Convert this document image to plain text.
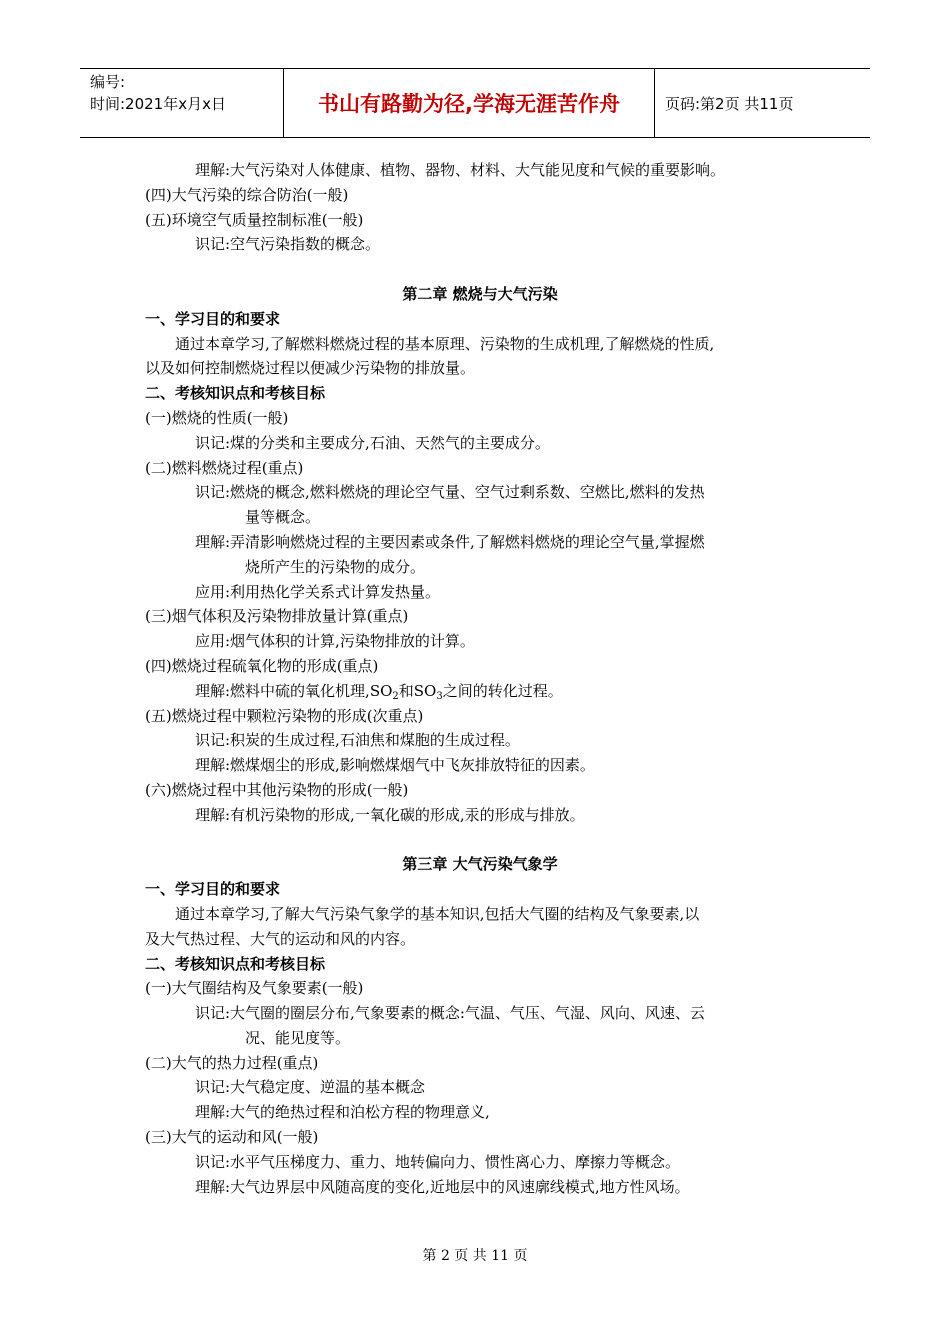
编号:
时间:2021年x月x日	书山有路勤为径,学海无涯苦作舟	页码:第2页 共11页
理解:大气污染对人体健康、植物、器物、材料、大气能见度和气候的重要影响。
(四)大气污染的综合防治(一般)
(五)环境空气质量控制标准(一般)
识记:空气污染指数的概念。
第二章 燃烧与大气污染
一、学习目的和要求
通过本章学习,了解燃料燃烧过程的基本原理、污染物的生成机理,了解燃烧的性质,
以及如何控制燃烧过程以便减少污染物的排放量。
二、考核知识点和考核目标
(一)燃烧的性质(一般)
识记:煤的分类和主要成分,石油、天然气的主要成分。
(二)燃料燃烧过程(重点)
识记:燃烧的概念,燃料燃烧的理论空气量、空气过剩系数、空燃比,燃料的发热
量等概念。
理解:弄清影响燃烧过程的主要因素或条件,了解燃料燃烧的理论空气量,掌握燃
烧所产生的污染物的成分。
应用:利用热化学关系式计算发热量。
(三)烟气体积及污染物排放量计算(重点)
应用:烟气体积的计算,污染物排放的计算。
(四)燃烧过程硫氧化物的形成(重点)
理解:燃料中硫的氧化机理$,SO_2$和$SO_3$之间的转化过程。
(五)燃烧过程中颗粒污染物的形成(次重点)
识记:积炭的生成过程,石油焦和煤胞的生成过程。
理解:燃煤烟尘的形成,影响燃煤烟气中飞灰排放特征的因素。
(六)燃烧过程中其他污染物的形成(一般)
理解:有机污染物的形成,一氧化碳的形成,汞的形成与排放。
第三章 大气污染气象学
一、学习目的和要求
通过本章学习,了解大气污染气象学的基本知识,包括大气圈的结构及气象要素,以
及大气热过程、大气的运动和风的内容。
二、考核知识点和考核目标
(一)大气圈结构及气象要素(一般)
识记:大气圈的圈层分布,气象要素的概念:气温、气压、气湿、风向、风速、云
况、能见度等。
(二)大气的热力过程(重点)
识记:大气稳定度、逆温的基本概念
理解:大气的绝热过程和泊松方程的物理意义,
(三)大气的运动和风(一般)
识记:水平气压梯度力、重力、地转偏向力、惯性离心力、摩擦力等概念。
理解:大气边界层中风随高度的变化,近地层中的风速廓线模式,地方性风场。
第 2 页 共 11 页
